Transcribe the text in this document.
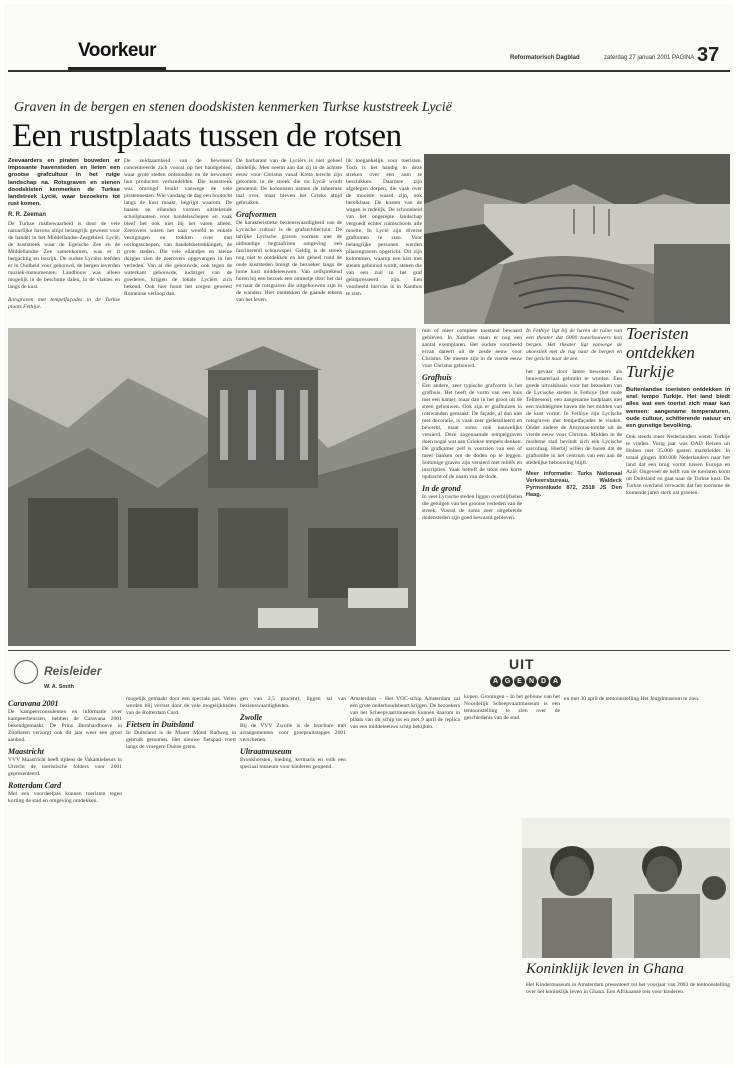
Voorkeur	Reformatorisch Dagblad	zaterdag 27 januari 2001 PAGINA 37
Graven in de bergen en stenen doodskisten kenmerken Turkse kuststreek Lycië
Een rustplaats tussen de rotsen

Zeevaarders en piraten bouwden er imposante havensteden en lieten een grootse grafcultuur in het ruige landschap na. Rotsgraven en stenen doodskisten kenmerken de Turkse landstreek Lycië, waar bezoekers tot rust komen.

R. R. Zeeman

De Turkse rustbewaarheid is door de vele natuurlijke havens altijd belangrijk geweest voor de handel in het Middellandse-Zeegebied. Lycië, de kuststreek waar de Egeïsche Zee en de Middellandse Zee samenkomen, was er it bergachtig en bosrijk. De oudste Lyciërs leefden er in Oudheid voor gebouwd, de bergen leverden muziek-monumenten. Landbouw was alleen mogelijk in de beschutte dalen, in de vlaktes en langs de kust.

Rotsgraven met tempelfaçades in de Turkse plaats Fethiye.

De zeldzaamheid van de bewoners concentreerde zich vooral op het handgebied, waar grote steden ontstonden en de bewoners hun producten verhandelden. Die kuststreek was omringd bruikt vanwege de vele piratennesten. Wie vandaag de dag een bootocht langs de kust maakt, begrijpt waarom. De baaien en eilanden vormen uitstekende schuilplaatsen voor handelsschepen en vaak bleef het ook niet bij het varen alleen. Zeerovers waren het naar wereld te enkele vestigingen en trokken over met oorlogsschepen, van handelsbetrekkingen, de grote steden. Die vele eilandjes en kleine dorpjes zien de zeerovers opgevangen in het verleden. Van al die gebouwde, ook tegen de waterkant gebouwde, luchtiger van de goederen, krijgen de lokale Lyciërs zich bekend. Ook hier hoort het zorgen geweest Romeinse verloop dan.

De barbarant van de Lyciërs is niet geheel duidelijk. Men neemt aan dat zij in de achtste eeuw voor Christus vanaf Kreta terecht zijn gekomen in de streek die nu Lycië wordt genoemd. De kolonisten namen de inheemse taal over, maar bleven het Grieks altijd gebruiken.

Grafvormen

De karakteristieke bezienswaardigheid van de Lycische cultuur is de grafarchitectuur. De talrijke Lycische graven vormen met de uitbundige begraafriten omgeving een fascinerend schouwspel. Geldig is de streek nog niet te ontdekken en het geheel rond de oude kuststeden brengt de bezoeker langs de lome kust middeleeuwen. Van zelfsprekend horen bij een bezoek een ommetje door het dal en naar de rotsgraven die uitgehouwen zijn in de wanden. Hier ontdekken de gaande tekens van het leven.

lik toegankelijk voor toeristen. Toch is het handig in deze streken over een auto te beschikken. Daarmee zijn afgelegen dorpen, die vaak over de mooiste waard zijn, ook bereikbaar. De kosten van de wagen is redelijk. De schoonheid van het ongerepte landschap vergoedt echter ruimschoots alle moeite. In Lycië zijn diverse graftomen te zien. Voor belangrijke personen werden pilarengraven opgericht. Dit zijn kolommen, waarop een kist met stenen gebouwd wordt, stenen die van een zuil in het graf geïmpresseerd zijn. Een voorbeeld hiervan is in Xanthos te zien.

min of meer complete toestand bewaard gebleven. In Xanthos staan er nog een aantal exemplaren. Het oudste voorbeeld ervan dateert uit de zesde eeuw voor Christus. De meeste zijn in de vierde eeuw voor Christus gebouwd.

Grafhuis

Een andere, zeer typische grafvorm is het grafhuis. Het heeft de vorm van een huis met een kamer, maar dan in het groot uit de steen gehouwen. Ook zijn er grafhuizen in rotswanden gemaakt. De façade, al dan niet met decoratie, is vaak zeer gedetailleerd en bewerkt, maar soms ook nauwelijks versierd. Deze zogenaamde tempelgraven doen nogal wat aan Griekse tempels denken. De grafkamer zelf is voorzien van een of meer banken om de doden op te leggen. Sommige graven zijn versierd met reliëfs en inscripties. Vaak betreft de tekst een korte opdracht of de naam van de dode.

In de grond

In veel Lycische steden liggen overblijfselen die getuigen van het grootse verleden van de streek. Vooral de soms zeer uitgebreide dodensteden zijn goed bewaard gebleven.

In Fethiye ligt bij de haven de ruïne van een theater dat 6000 toeschouwers kon bergen. Het theater ligt vanwege de akoestiek met de rug naar de bergen en het gezicht naar de zee.

het gevaar door latere bewoners als bouwmateriaal gebruikt te worden. Een goede uitvalsbasis voor het bezoeken van de Lycische steden is Fethiye (het oude Telmessos), een aangename badplaats met een middelgrote haven die het midden van de kust vormt. In Fethiye zijn Lycische rotsgraven met tempelfaçades te vinden. Onder andere de Amyntas-tombe uit de vierde eeuw voor Christus. Midden in de moderne stad bevindt zich een Lycische sarcofaag. Hierbij willen de buren dat de graftombe in het centrum van een aan de stedelijke bebouwing blijft.

Meer informatie: Turks Nationaal Verkeersbureau, Waldeck Pyrmontkade 872, 2518 JS Den Haag.

Toeristen ontdekken Turkije

Buitenlandse toeristen ontdekken in snel tempo Turkije. Het land biedt alles wat een toerist zich maar kan wensen: aangename temperaturen, oude cultuur, schitterende natuur en een gunstige bevolking.

Ook steeds meer Nederlanders weten Turkije te vinden. Vorig jaar was OAD Reizen uit Holten met 35.000 gasten marktleider. In totaal gingen 400.000 Nederlanders naar het land dat een brug vormt tussen Europa en Azië. Ongeveer de helft van de toeristen komt uit Duitsland en gaat naar de Turkse kust. De Turkse overheid verwacht dat het toerisme de komende jaren sterk zal groeien.

Reisleider
W. A. Smith

Caravana 2001

De kampeerconsulenten en informatie over kampeerbeurzen, hebben de Caravana 2001 bekendgemaakt. De Prins Bernhardhoeve in Zuidlaren verzorgt ook dit jaar weer een groot aanbod.

Maastricht

VVV Maastricht heeft tijdens de Vakantiebeurs in Utrecht de toeristische folders voor 2001 gepresenteerd.

Rotterdam Card

Met een voordeelpas kunnen toeristen tegen korting de stad en omgeving ontdekken.

mogelijk gemaakt door een speciale pas. Velen werden blij verrast door de vele mogelijkheden van de Rotterdam Card.

Fietsen in Duitsland

In Duitsland is de Mauer Mond Radweg in gebruik genomen. Het nieuwe fietspad voert langs de vroegere Duitse grens.

gen van 2,5 procent), liggen tal van bezienswaardigheden.

Zwolle

Bij de VVV Zwolle is de brochure met arrangementen voor groepsuitstapjes 2001 verschenen.

Ultraatmuseum

Bronkhorsten, bieding, kermaris en volk een speciaal museum voor kinderen geopend.

UIT
A G E	N D A

Amsterdam – Het VOC-schip Amsterdam zal een grote onderhoudsbeurt krijgen. De bezoekers van het Scheepvaartmuseum kunnen daarom in plaats van dit schip tot en met 9 april de replica van een middeleeuws schip bekijken.

kopen. Groningen – In het gebouw van het Noordelijk Scheepvaartmuseum is een tentoonstelling te zien over de geschiedenis van de stad.

en met 30 april de tentoonstelling Het Jeugdmuseum te zien.

Koninklijk leven in Ghana

Het Kindermuseum in Amsterdam presenteert tot het voorjaar van 2003 de tentoonstelling over het koninklijk leven in Ghana. Een Afrikaanse reis voor kinderen.
